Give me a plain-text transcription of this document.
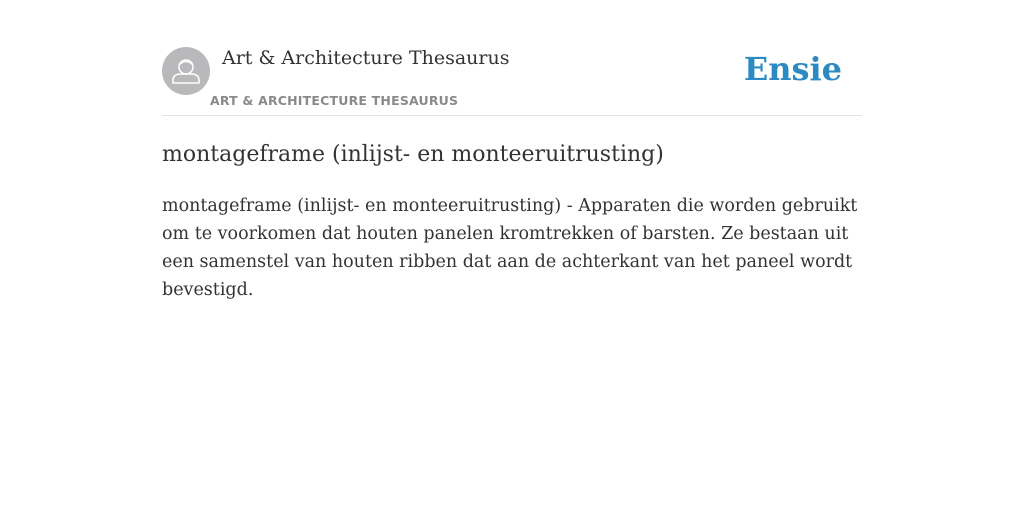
Art & Architecture Thesaurus
ART & ARCHITECTURE THESAURUS
Ensie
montageframe (inlijst- en monteeruitrusting)

montageframe (inlijst- en monteeruitrusting) - Apparaten die worden gebruikt om te voorkomen dat houten panelen kromtrekken of barsten. Ze bestaan uit een samenstel van houten ribben dat aan de achterkant van het paneel wordt bevestigd.
